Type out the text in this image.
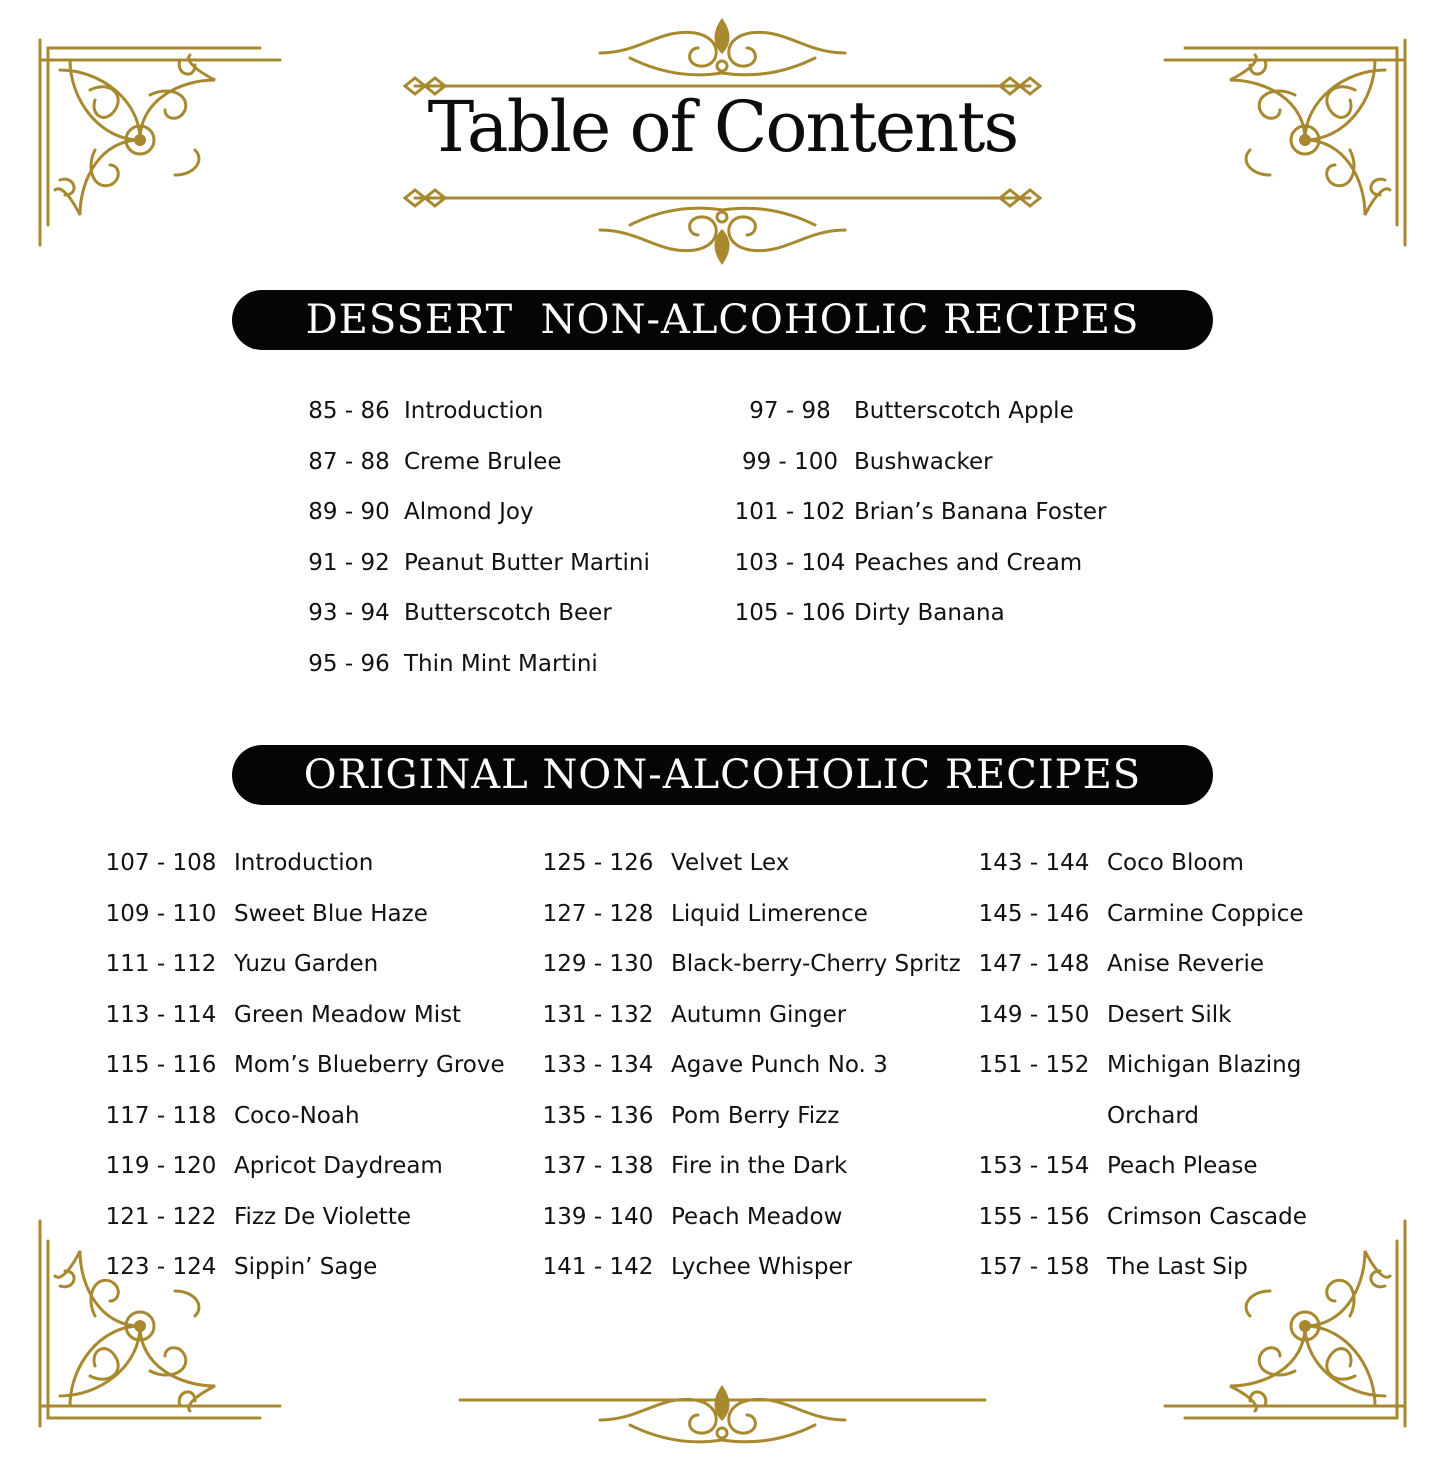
Table of Contents
DESSERT  NON-ALCOHOLIC RECIPES
ORIGINAL NON-ALCOHOLIC RECIPES
85 - 86 Introduction
87 - 88 Creme Brulee
89 - 90 Almond Joy
91 - 92 Peanut Butter Martini
93 - 94 Butterscotch Beer
95 - 96 Thin Mint Martini
97 - 98	Butterscotch Apple
99 - 100 Bushwacker
101 - 102 Brian’s Banana Foster
103 - 104 Peaches and Cream
105 - 106 Dirty Banana
107 - 108 Introduction
109 - 110 Sweet Blue Haze
111 - 112 Yuzu Garden
113 - 114 Green Meadow Mist
115 - 116 Mom’s Blueberry Grove
117 - 118 Coco-Noah
119 - 120 Apricot Daydream
121 - 122 Fizz De Violette
123 - 124 Sippin’ Sage
125 - 126 Velvet Lex
127 - 128 Liquid Limerence
129 - 130 Black-berry-Cherry Spritz
131 - 132 Autumn Ginger
133 - 134 Agave Punch No. 3
135 - 136 Pom Berry Fizz
137 - 138 Fire in the Dark
139 - 140 Peach Meadow
141 - 142 Lychee Whisper
143 - 144 Coco Bloom
145 - 146 Carmine Coppice
147 - 148 Anise Reverie
149 - 150 Desert Silk
151 - 152 Michigan Blazing
Orchard
153 - 154 Peach Please
155 - 156 Crimson Cascade
157 - 158 The Last Sip
